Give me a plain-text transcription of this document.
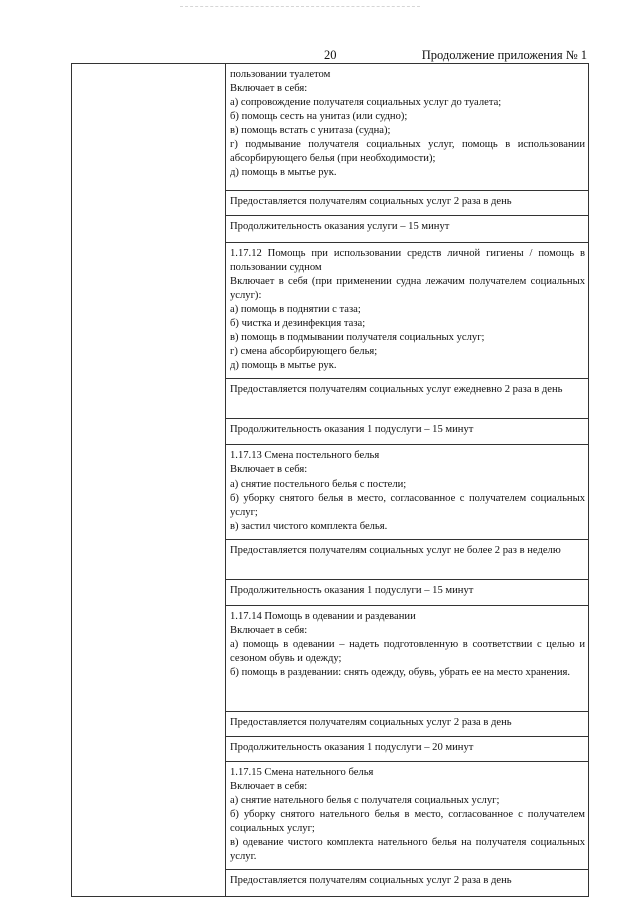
20	Продолжение приложения № 1

пользовании туалетом
Включает в себя:
а) сопровождение получателя социальных услуг до туалета;
б) помощь сесть на унитаз (или судно);
в) помощь встать с унитаза (судна);
г) подмывание получателя социальных услуг, помощь в использовании абсорбирующего белья (при необходимости);
д) помощь в мытье рук.

Предоставляется получателям социальных услуг 2 раза в день

Продолжительность оказания услуги – 15 минут

1.17.12 Помощь при использовании средств личной гигиены / помощь в пользовании судном
Включает в себя (при применении судна лежачим получателем социальных услуг):
а) помощь в поднятии с таза;
б) чистка и дезинфекция таза;
в) помощь в подмывании получателя социальных услуг;
г) смена абсорбирующего белья;
д) помощь в мытье рук.

Предоставляется получателям социальных услуг ежедневно 2 раза в день

Продолжительность оказания 1 подуслуги – 15 минут

1.17.13 Смена постельного белья
Включает в себя:
а) снятие постельного белья с постели;
б) уборку снятого белья в место, согласованное с получателем социальных услуг;
в) застил чистого комплекта белья.

Предоставляется получателям социальных услуг не более 2 раз в неделю

Продолжительность оказания 1 подуслуги – 15 минут

1.17.14 Помощь в одевании и раздевании
Включает в себя:
а) помощь в одевании – надеть подготовленную в соответствии с целью и сезоном обувь и одежду;
б) помощь в раздевании: снять одежду, обувь, убрать ее на место хранения.

Предоставляется получателям социальных услуг 2 раза в день

Продолжительность оказания 1 подуслуги – 20 минут

1.17.15 Смена нательного белья
Включает в себя:
а) снятие нательного белья с получателя социальных услуг;
б) уборку снятого нательного белья в место, согласованное с получателем социальных услуг;
в) одевание чистого комплекта нательного белья на получателя социальных услуг.

Предоставляется получателям социальных услуг 2 раза в день
